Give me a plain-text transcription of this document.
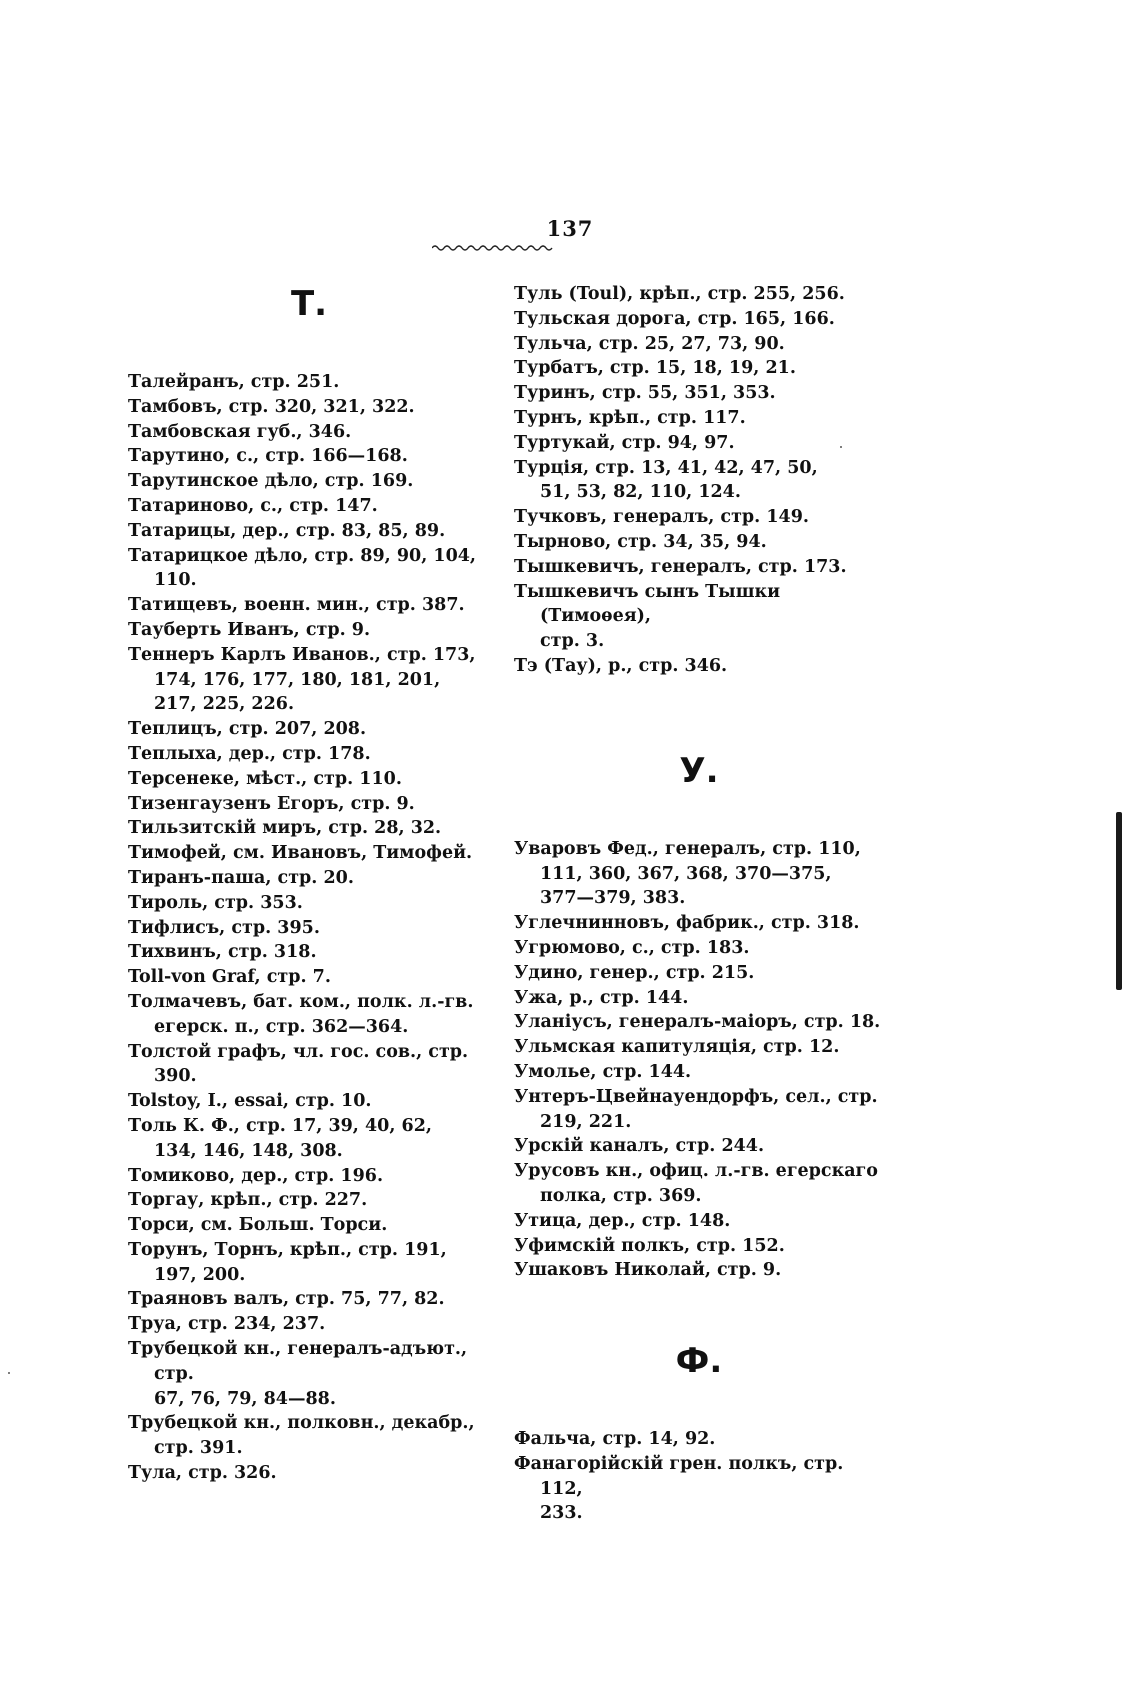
137
Т.
Талейранъ, стр. 251.
Тамбовъ, стр. 320, 321, 322.
Тамбовская губ., 346.
Тарутино, с., стр. 166—168.
Тарутинское дѣло, стр. 169.
Татариново, с., стр. 147.
Татарицы, дер., стр. 83, 85, 89.
Татарицкое дѣло, стр. 89, 90, 104,
110.
Татищевъ, военн. мин., стр. 387.
Тауберть Иванъ, стр. 9.
Теннеръ Карлъ Иванов., стр. 173,
174, 176, 177, 180, 181, 201,
217, 225, 226.
Теплицъ, стр. 207, 208.
Теплыха, дер., стр. 178.
Терсенеке, мѣст., стр. 110.
Тизенгаузенъ Егоръ, стр. 9.
Тильзитскій миръ, стр. 28, 32.
Тимофей, см. Ивановъ, Тимофей.
Тиранъ-паша, стр. 20.
Тироль, стр. 353.
Тифлисъ, стр. 395.
Тихвинъ, стр. 318.
Toll-von Graf, стр. 7.
Толмачевъ, бат. ком., полк. л.-гв.
егерск. п., стр. 362—364.
Толстой графъ, чл. гос. сов., стр.
390.
Tolstoy, I., essai, стр. 10.
Толь К. Ф., стр. 17, 39, 40, 62,
134, 146, 148, 308.
Томиково, дер., стр. 196.
Торгау, крѣп., стр. 227.
Торси, см. Больш. Торси.
Торунъ, Торнъ, крѣп., стр. 191,
197, 200.
Траяновъ валъ, стр. 75, 77, 82.
Труа, стр. 234, 237.
Трубецкой кн., генералъ-адъют., стр.
67, 76, 79, 84—88.
Трубецкой кн., полковн., декабр.,
стр. 391.
Тула, стр. 326.
Туль (Toul), крѣп., стр. 255, 256.
Тульская дорога, стр. 165, 166.
Тульча, стр. 25, 27, 73, 90.
Турбатъ, стр. 15, 18, 19, 21.
Туринъ, стр. 55, 351, 353.
Турнъ, крѣп., стр. 117.
Туртукай, стр. 94, 97.
Турція, стр. 13, 41, 42, 47, 50,
51, 53, 82, 110, 124.
Тучковъ, генералъ, стр. 149.
Тырново, стр. 34, 35, 94.
Тышкевичъ, генералъ, стр. 173.
Тышкевичъ сынъ Тышки (Тимоѳея),
стр. 3.
Тэ (Тау), р., стр. 346.
У.
Уваровъ Фед., генералъ, стр. 110,
111, 360, 367, 368, 370—375,
377—379, 383.
Углечнинновъ, фабрик., стр. 318.
Угрюмово, с., стр. 183.
Удино, генер., стр. 215.
Ужа, р., стр. 144.
Уланіусъ, генералъ-маіоръ, стр. 18.
Ульмская капитуляція, стр. 12.
Умолье, стр. 144.
Унтеръ-Цвейнауендорфъ, сел., стр.
219, 221.
Урскій каналъ, стр. 244.
Урусовъ кн., офиц. л.-гв. егерскаго
полка, стр. 369.
Утица, дер., стр. 148.
Уфимскій полкъ, стр. 152.
Ушаковъ Николай, стр. 9.
Ф.
Фальча, стр. 14, 92.
Фанагорійскій грен. полкъ, стр. 112,
233.
